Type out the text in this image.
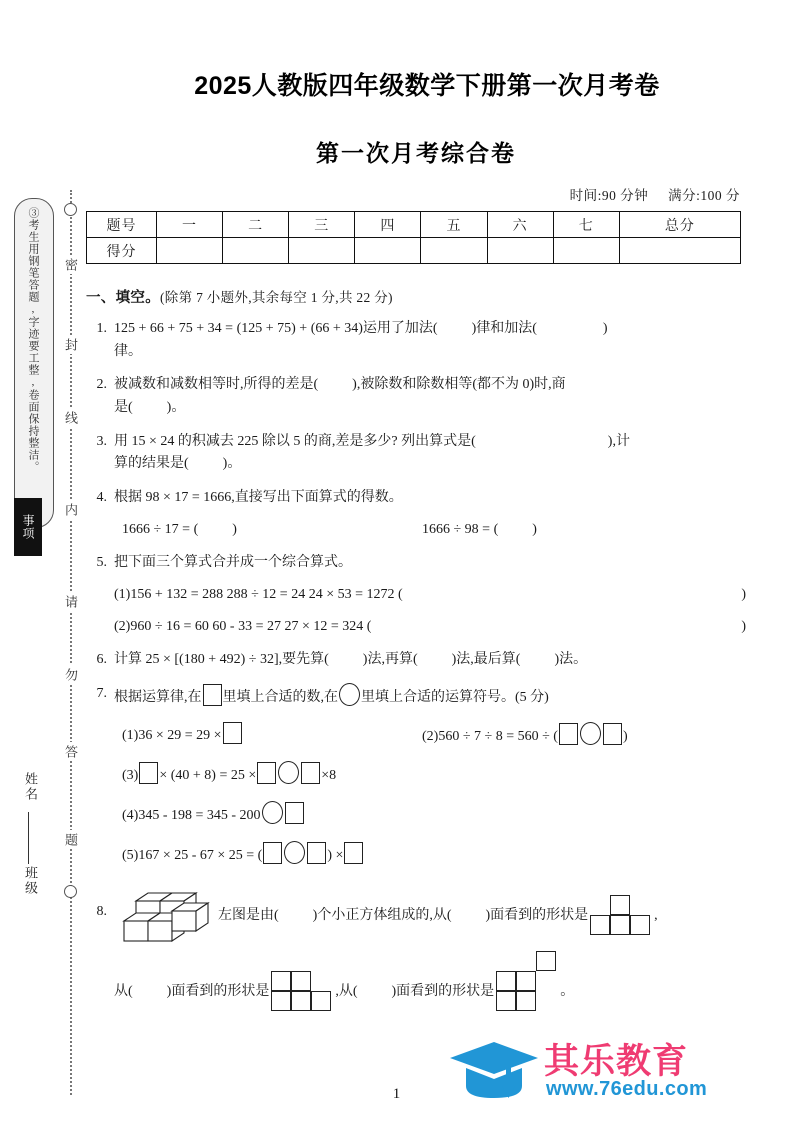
③考生用钢笔答题,字迹要工整,卷面保持整洁。
事项
密
封
线
内
请
勿
答
题
姓名
班级
2025人教版四年级数学下册第一次月考卷
第一次月考综合卷
时间:90 分钟 满分:100 分
题号	一	二	三	四	五	六	七	总分
得分								
一、填空。(除第 7 小题外,其余每空 1 分,共 22 分)
1. 125 + 66 + 75 + 34 = (125 + 75) + (66 + 34)运用了加法( )律和加法(	)
律。
2. 被减数和减数相等时,所得的差是( ),被除数和除数相等(都不为 0)时,商
是( )。
3. 用 15 × 24 的积减去 225 除以 5 的商,差是多少? 列出算式是(	),计
算的结果是( )。
4. 根据 98 × 17 = 1666,直接写出下面算式的得数。
1666 ÷ 17 = ( )	1666 ÷ 98 = ( )
5. 把下面三个算式合并成一个综合算式。
(1)156 + 132 = 288 288 ÷ 12 = 24 24 × 53 = 1272 (	)
(2)960 ÷ 16 = 60 60 - 33 = 27 27 × 12 = 324 (	)
6. 计算 25 × [(180 + 492) ÷ 32],要先算( )法,再算( )法,最后算( )法。
7. 根据运算律,在 里填上合适的数,在 里填上合适的运算符号。(5 分)
(1)36 × 29 = 29 ×	(2)560 ÷ 7 ÷ 8 = 560 ÷ (	)
(3) × (40 + 8) = 25 ×	×8
(4)345 - 198 = 345 - 200
(5)167 × 25 - 67 × 25 = (	) ×
8.	左图是由( )个小正方体组成的,从( )面看到的形状是	,
从( )面看到的形状是	,从( )面看到的形状是	。
其乐教育
www.76edu.com
1
